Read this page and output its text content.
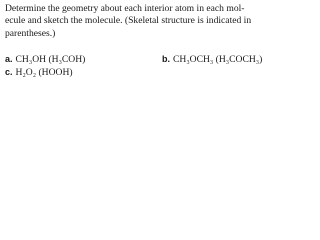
Determine the geometry about each interior atom in each mol-
ecule and sketch the molecule. (Skeletal structure is indicated in
parentheses.)

a. CH₃OH (H₃COH)	b. CH₃OCH₃ (H₃COCH₃)
c. H₂O₂ (HOOH)
